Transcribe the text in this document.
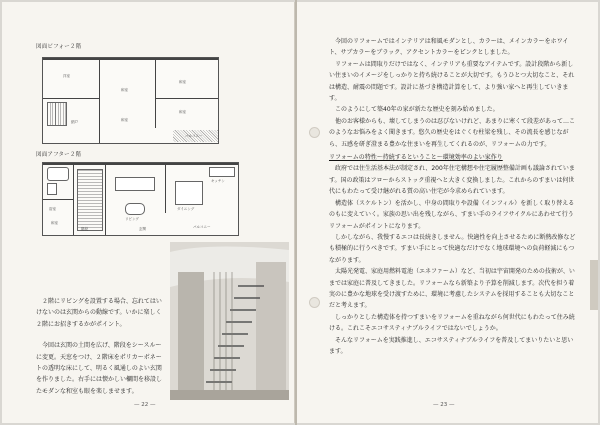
図面ビフォー２階
洋室
和室
和室
和室
和室
納戸
バルコニー
図面アフター２階
浴室
和室
リビング
ダイニング
キッチン
バルコニー
階段	玄関

２階にリビングを設置する場合、忘れてはいけないのは玄関からの動線です。いかに楽しく２階にお招きするかがポイント。

今回は玄関の土間を広げ、階段をシースルーに変更。天窓をつけ、２階床をポリカーボネートの透明な床にして、明るく風通しのよい玄関を作りました。右手には懐かしい欄間を移設したモダンな和室も眼を楽しませます。

— 22 —

今回のリフォームではインテリアは和風モダンとし、カラーは、メインカラーをホワイト、サブカラーをブラック、アクセントカラーをピンクとしました。

リフォームは間取りだけではなく、インテリアも重要なアイテムです。設計段階から新しい住まいのイメージをしっかりと持ち続けることが大切です。もうひとつ大切なこと、それは構造、耐震の問題です。設計に基づき構造計算をして、より強い家へと再生していきます。

このようにして築40年の家が新たな歴史を刻み始めました。

他のお客様からも、壊してしまうのは忍びないけれど、あまりに寒くて段差があって…このようなお悩みをよく聞きます。悠久の歴史をはぐくむ柱梁を残し、その流長を感じながら、五感を研ぎ澄まる豊かな住まいを再生してくれるのが、リフォームの力です。

リフォームの特性～持続するということ～環境効率のよい家作り

政府では住生活基本法が制定され、200年住宅構想や住宅履歴整備計画も議論されています。国の政策はフローからストック重視へと大きく変換しました。これからのすまいは何世代にもわたって受け継がれる質の高い住宅が今求められています。

構造体（スケルトン）を活かし、中身の間取りや設備（インフィル）を新しく取り替えるのもに変えていく。家族の思い出を残しながら、すまい手のライフサイクルにあわせて行うリフォームがポイントになります。

しかしながら、我慢するエコは長続きしません。快適性を向上させるために断熱改修なども積極的に行うべきです。すまい手にとって快適なだけでなく地球環境への負荷軽減にもつながります。

太陽光発電、家庭用燃料電池（エネファーム）など、当初は宇宙開発のための技術が、いまでは家庭に普及してきました。リフォームなら新築より予算を削減します。次代を担う着実のに豊かな地球を受け渡すために、環境に考慮したシステムを採用することも大切なことだと考えます。

しっかりとした構造体を持つすまいをリフォームを重ねながら何世代にもわたって住み続ける。これこそエコサスティナブルライフではないでしょうか。

そんなリフォームを実践推進し、エコサスティナブルライフを普及してまいりたいと思います。

— 23 —
